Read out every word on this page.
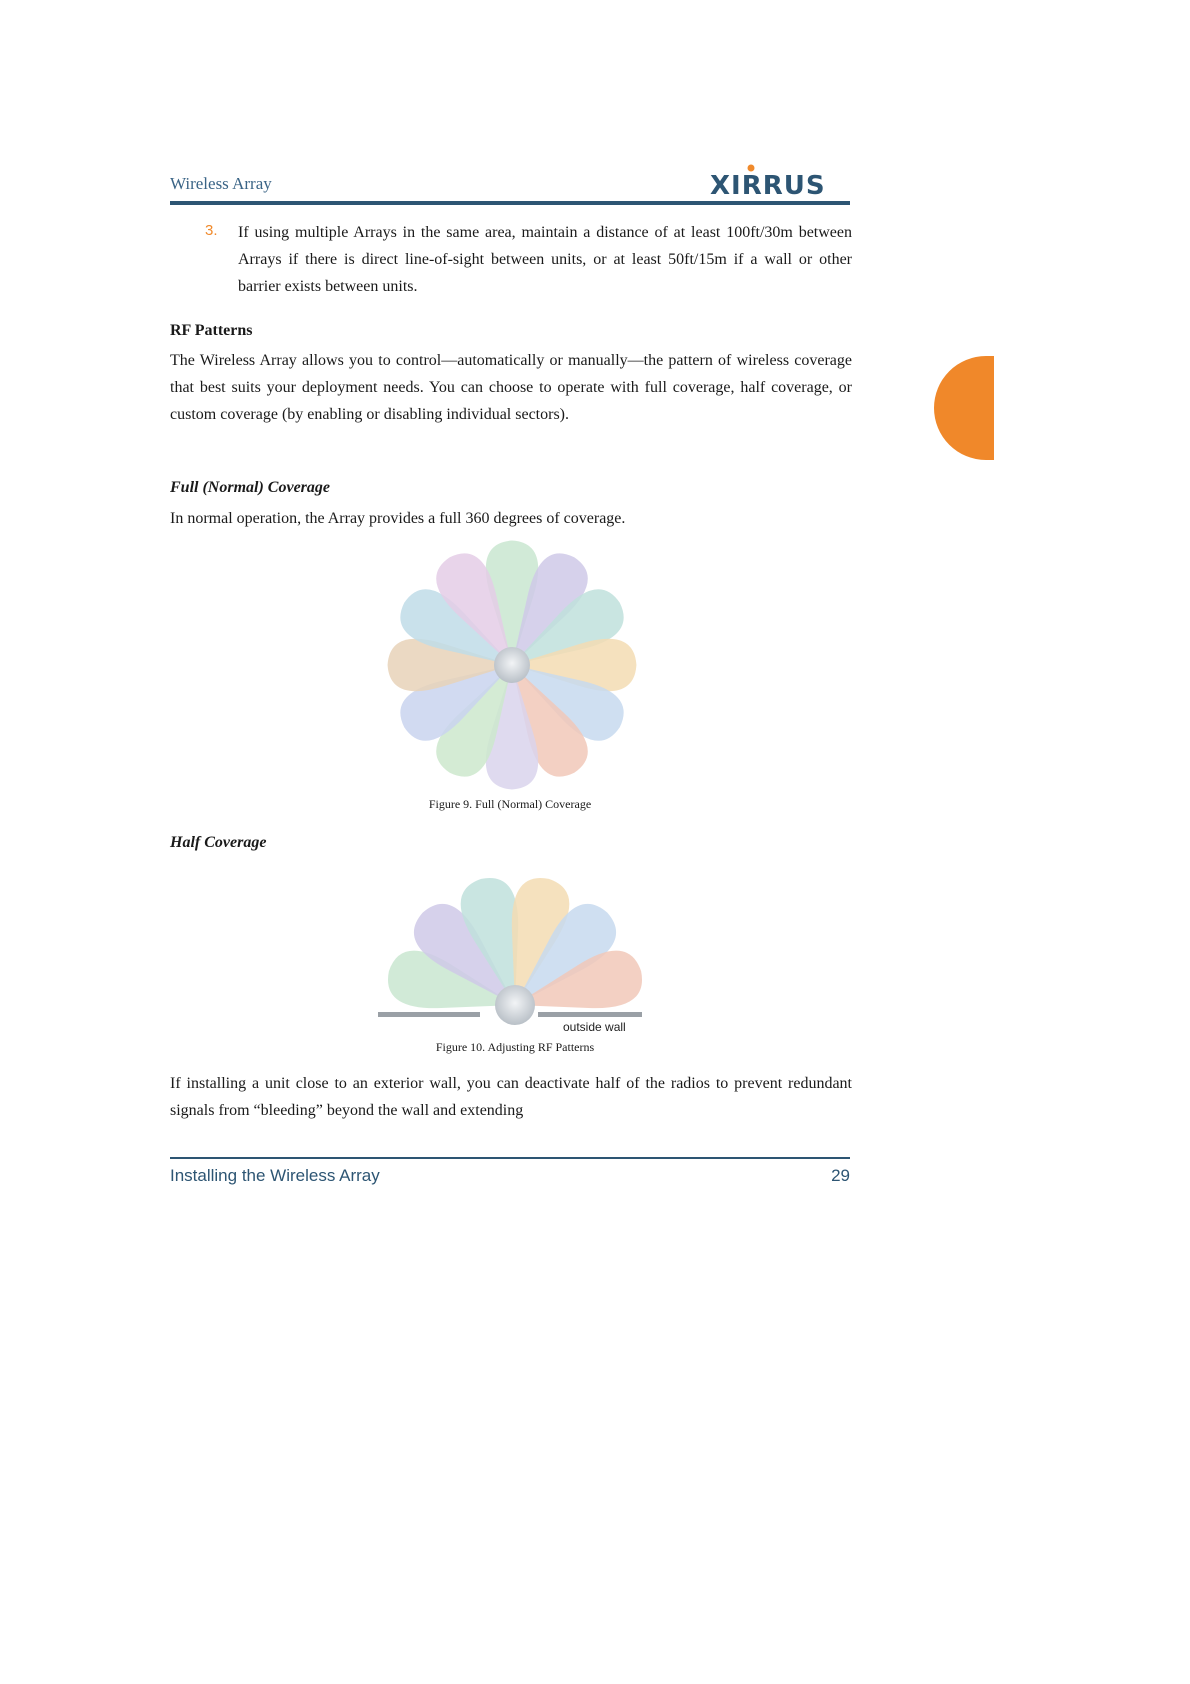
Wireless Array	XIRRUS
3. If using multiple Arrays in the same area, maintain a distance of at least 100ft/30m between Arrays if there is direct line-of-sight between units, or at least 50ft/15m if a wall or other barrier exists between units.
RF Patterns
The Wireless Array allows you to control—automatically or manually—the pattern of wireless coverage that best suits your deployment needs. You can choose to operate with full coverage, half coverage, or custom coverage (by enabling or disabling individual sectors).
Full (Normal) Coverage
In normal operation, the Array provides a full 360 degrees of coverage.
Figure 9. Full (Normal) Coverage
Half Coverage
outside wall
Figure 10. Adjusting RF Patterns
If installing a unit close to an exterior wall, you can deactivate half of the radios to prevent redundant signals from “bleeding” beyond the wall and extending
Installing the Wireless Array	29
